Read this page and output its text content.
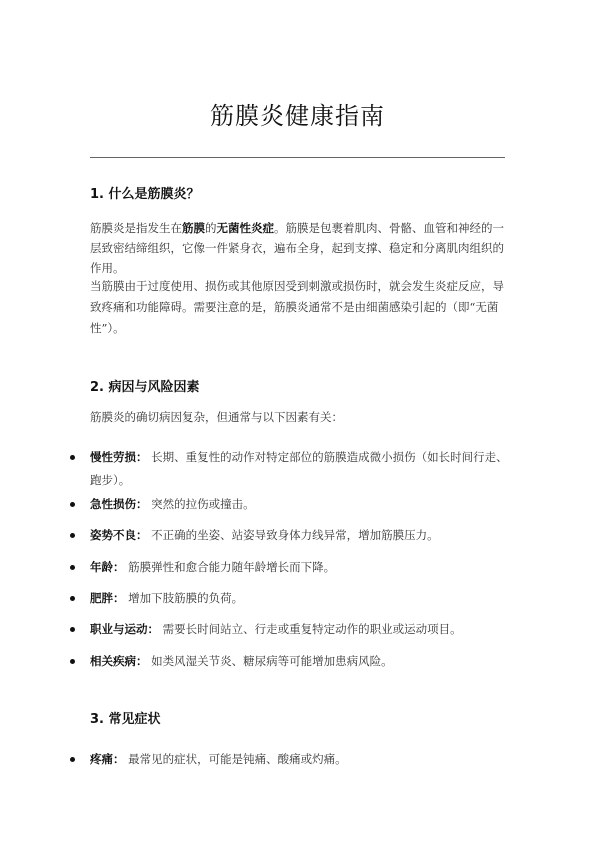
筋膜炎健康指南
1. 什么是筋膜炎？

筋膜炎是指发生在筋膜的无菌性炎症。筋膜是包裹着肌肉、骨骼、血管和神经的一层致密结缔组织，它像一件紧身衣，遍布全身，起到支撑、稳定和分离肌肉组织的作用。

当筋膜由于过度使用、损伤或其他原因受到刺激或损伤时，就会发生炎症反应，导致疼痛和功能障碍。需要注意的是，筋膜炎通常不是由细菌感染引起的（即“无菌性”）。

2. 病因与风险因素

筋膜炎的确切病因复杂，但通常与以下因素有关：

慢性劳损： 长期、重复性的动作对特定部位的筋膜造成微小损伤（如长时间行走、跑步）。
急性损伤： 突然的拉伤或撞击。
姿势不良： 不正确的坐姿、站姿导致身体力线异常，增加筋膜压力。
年龄： 筋膜弹性和愈合能力随年龄增长而下降。
肥胖： 增加下肢筋膜的负荷。
职业与运动： 需要长时间站立、行走或重复特定动作的职业或运动项目。
相关疾病： 如类风湿关节炎、糖尿病等可能增加患病风险。
3. 常见症状
疼痛： 最常见的症状，可能是钝痛、酸痛或灼痛。
